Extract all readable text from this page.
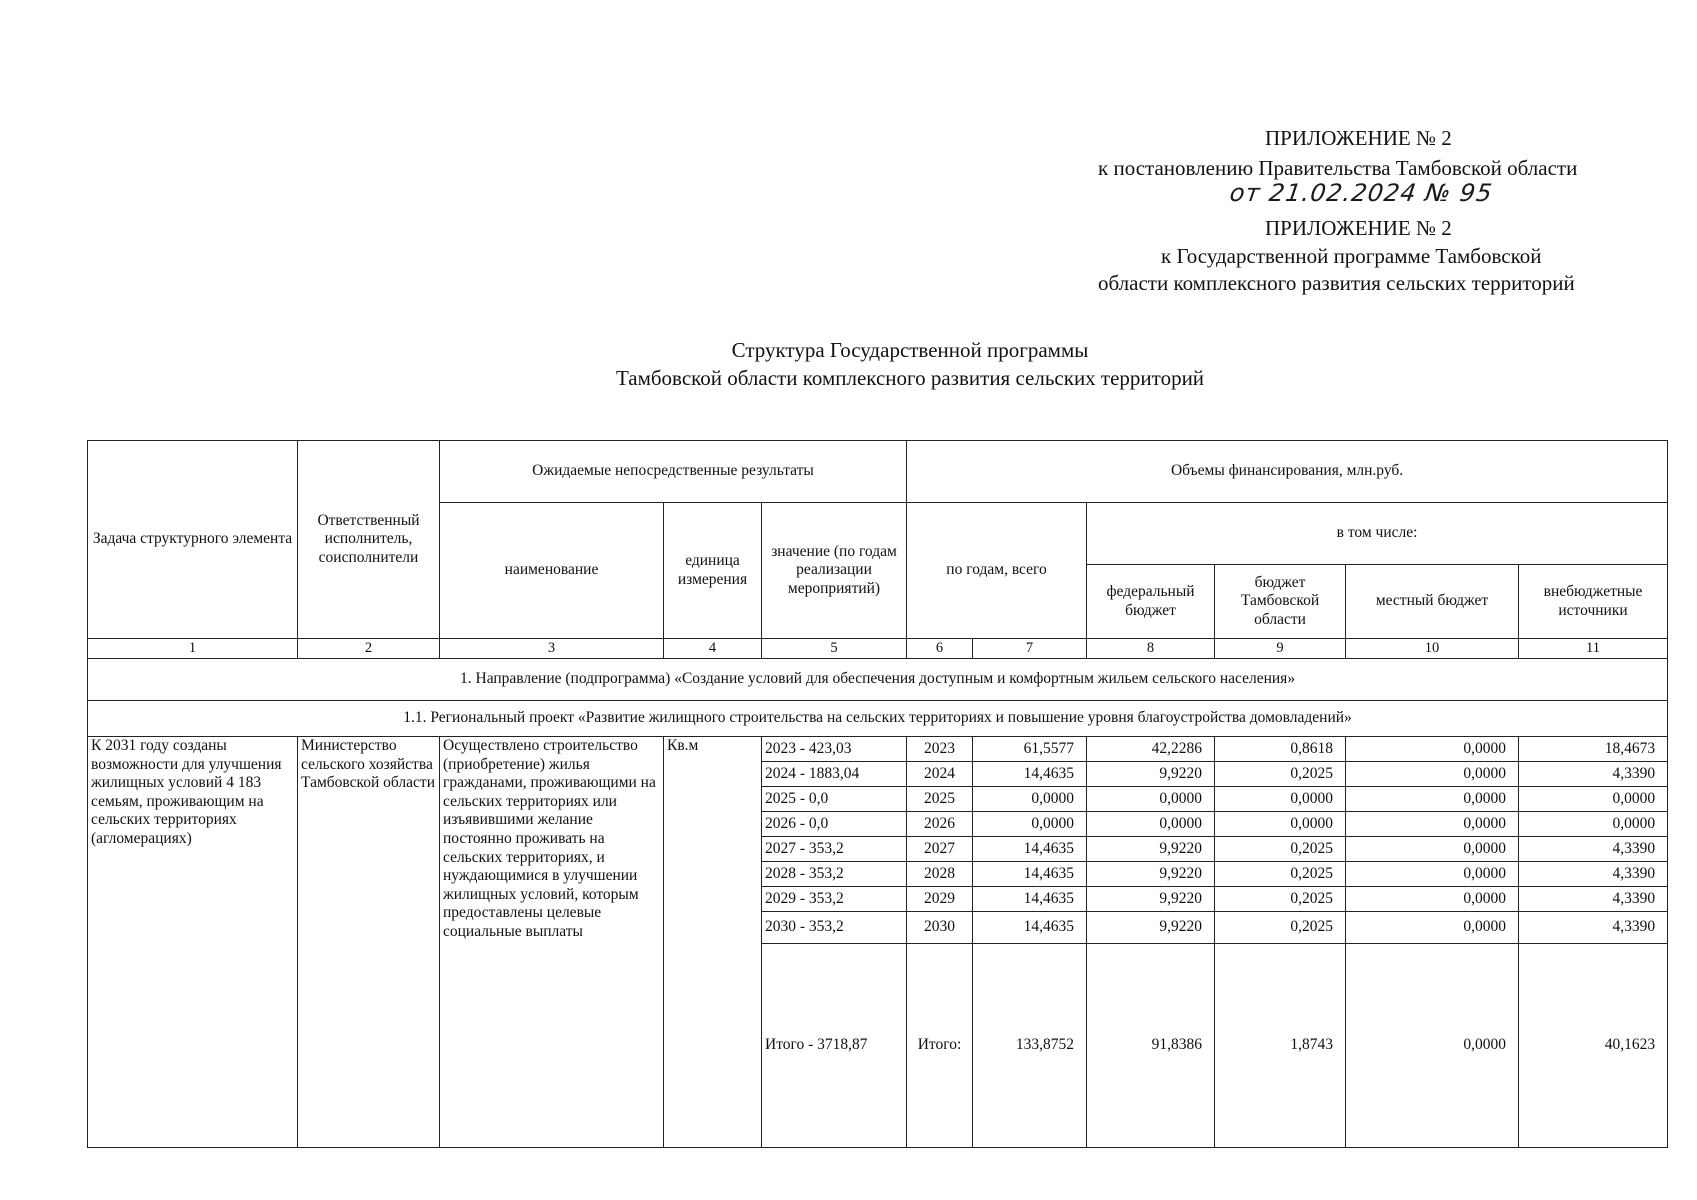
ПРИЛОЖЕНИЕ № 2
к постановлению Правительства Тамбовской области
от 21.02.2024 № 95
ПРИЛОЖЕНИЕ № 2
к Государственной программе Тамбовской
области комплексного развития сельских территорий
Структура Государственной программы
Тамбовской области комплексного развития сельских территорий
Задача структурного элемента	Ответственный исполнитель, соисполнители	Ожидаемые непосредственные результаты			Объемы финансирования, млн.руб.					
		наименование	единица измерения	значение (по годам реализации мероприятий)	по годам, всего		в том числе:			
							федеральный бюджет	бюджет Тамбовской области	местный бюджет	внебюджетные источники
1	2	3	4	5	6	7	8	9	10	11
1. Направление (подпрограмма) «Создание условий для обеспечения доступным и комфортным жильем сельского населения»										
1.1. Региональный проект «Развитие жилищного строительства на сельских территориях и повышение уровня благоустройства домовладений»										
К 2031 году созданы возможности для улучшения жилищных условий 4 183 семьям, проживающим на сельских территориях (агломерациях)	Министерство сельского хозяйства Тамбовской области	Осуществлено строительство (приобретение) жилья гражданами, проживающими на сельских территориях или изъявившими желание постоянно проживать на сельских территориях, и нуждающимися в улучшении жилищных условий, которым предоставлены целевые социальные выплаты	Кв.м	2023 - 423,03	2023	61,5577	42,2286	0,8618	0,0000	18,4673
				2024 - 1883,04	2024	14,4635	9,9220	0,2025	0,0000	4,3390
				2025 - 0,0	2025	0,0000	0,0000	0,0000	0,0000	0,0000
				2026 - 0,0	2026	0,0000	0,0000	0,0000	0,0000	0,0000
				2027 - 353,2	2027	14,4635	9,9220	0,2025	0,0000	4,3390
				2028 - 353,2	2028	14,4635	9,9220	0,2025	0,0000	4,3390
				2029 - 353,2	2029	14,4635	9,9220	0,2025	0,0000	4,3390
				2030 - 353,2	2030	14,4635	9,9220	0,2025	0,0000	4,3390
				Итого - 3718,87	Итого:	133,8752	91,8386	1,8743	0,0000	40,1623
